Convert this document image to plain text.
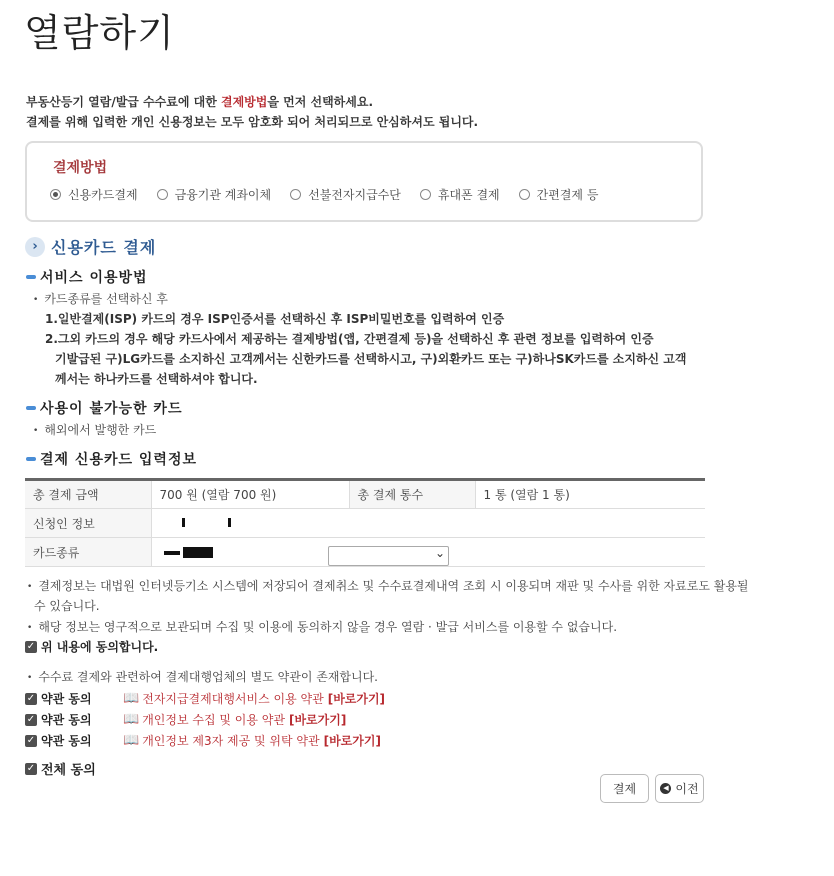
열람하기
부동산등기 열람/발급 수수료에 대한 결제방법을 먼저 선택하세요.
결제를 위해 입력한 개인 신용정보는 모두 암호화 되어 처리되므로 안심하셔도 됩니다.
결제방법
신용카드결제	금융기관 계좌이체	선불전자지급수단	휴대폰 결제	간편결제 등
› 신용카드 결제
서비스 이용방법
• 카드종류를 선택하신 후
1.일반결제(ISP) 카드의 경우 ISP인증서를 선택하신 후 ISP비밀번호를 입력하여 인증
2.그외 카드의 경우 해당 카드사에서 제공하는 결제방법(앱, 간편결제 등)을 선택하신 후 관련 정보를 입력하여 인증
기발급된 구)LG카드를 소지하신 고객께서는 신한카드를 선택하시고, 구)외환카드 또는 구)하나SK카드를 소지하신 고객
께서는 하나카드를 선택하셔야 합니다.
사용이 불가능한 카드
• 해외에서 발행한 카드
결제 신용카드 입력정보
총 결제 금액	700 원 (열람 700 원)	총 결제 통수	1 통 (열람 1 통)
신청인 정보			
카드종류				⌄
• 결제정보는 대법원 인터넷등기소 시스템에 저장되어 결제취소 및 수수료결제내역 조회 시 이용되며 재판 및 수사를 위한 자료로도 활용될
수 있습니다.
• 해당 정보는 영구적으로 보관되며 수집 및 이용에 동의하지 않을 경우 열람 · 발급 서비스를 이용할 수 없습니다.
✓ 위 내용에 동의합니다.
• 수수료 결제와 관련하여 결제대행업체의 별도 약관이 존재합니다.
✓ 약관 동의	📖 전자지급결제대행서비스 이용 약관 [바로가기]
✓ 약관 동의	📖 개인정보 수집 및 이용 약관 [바로가기]
✓ 약관 동의	📖 개인정보 제3자 제공 및 위탁 약관 [바로가기]
✓ 전체 동의
결제	◀ 이전
